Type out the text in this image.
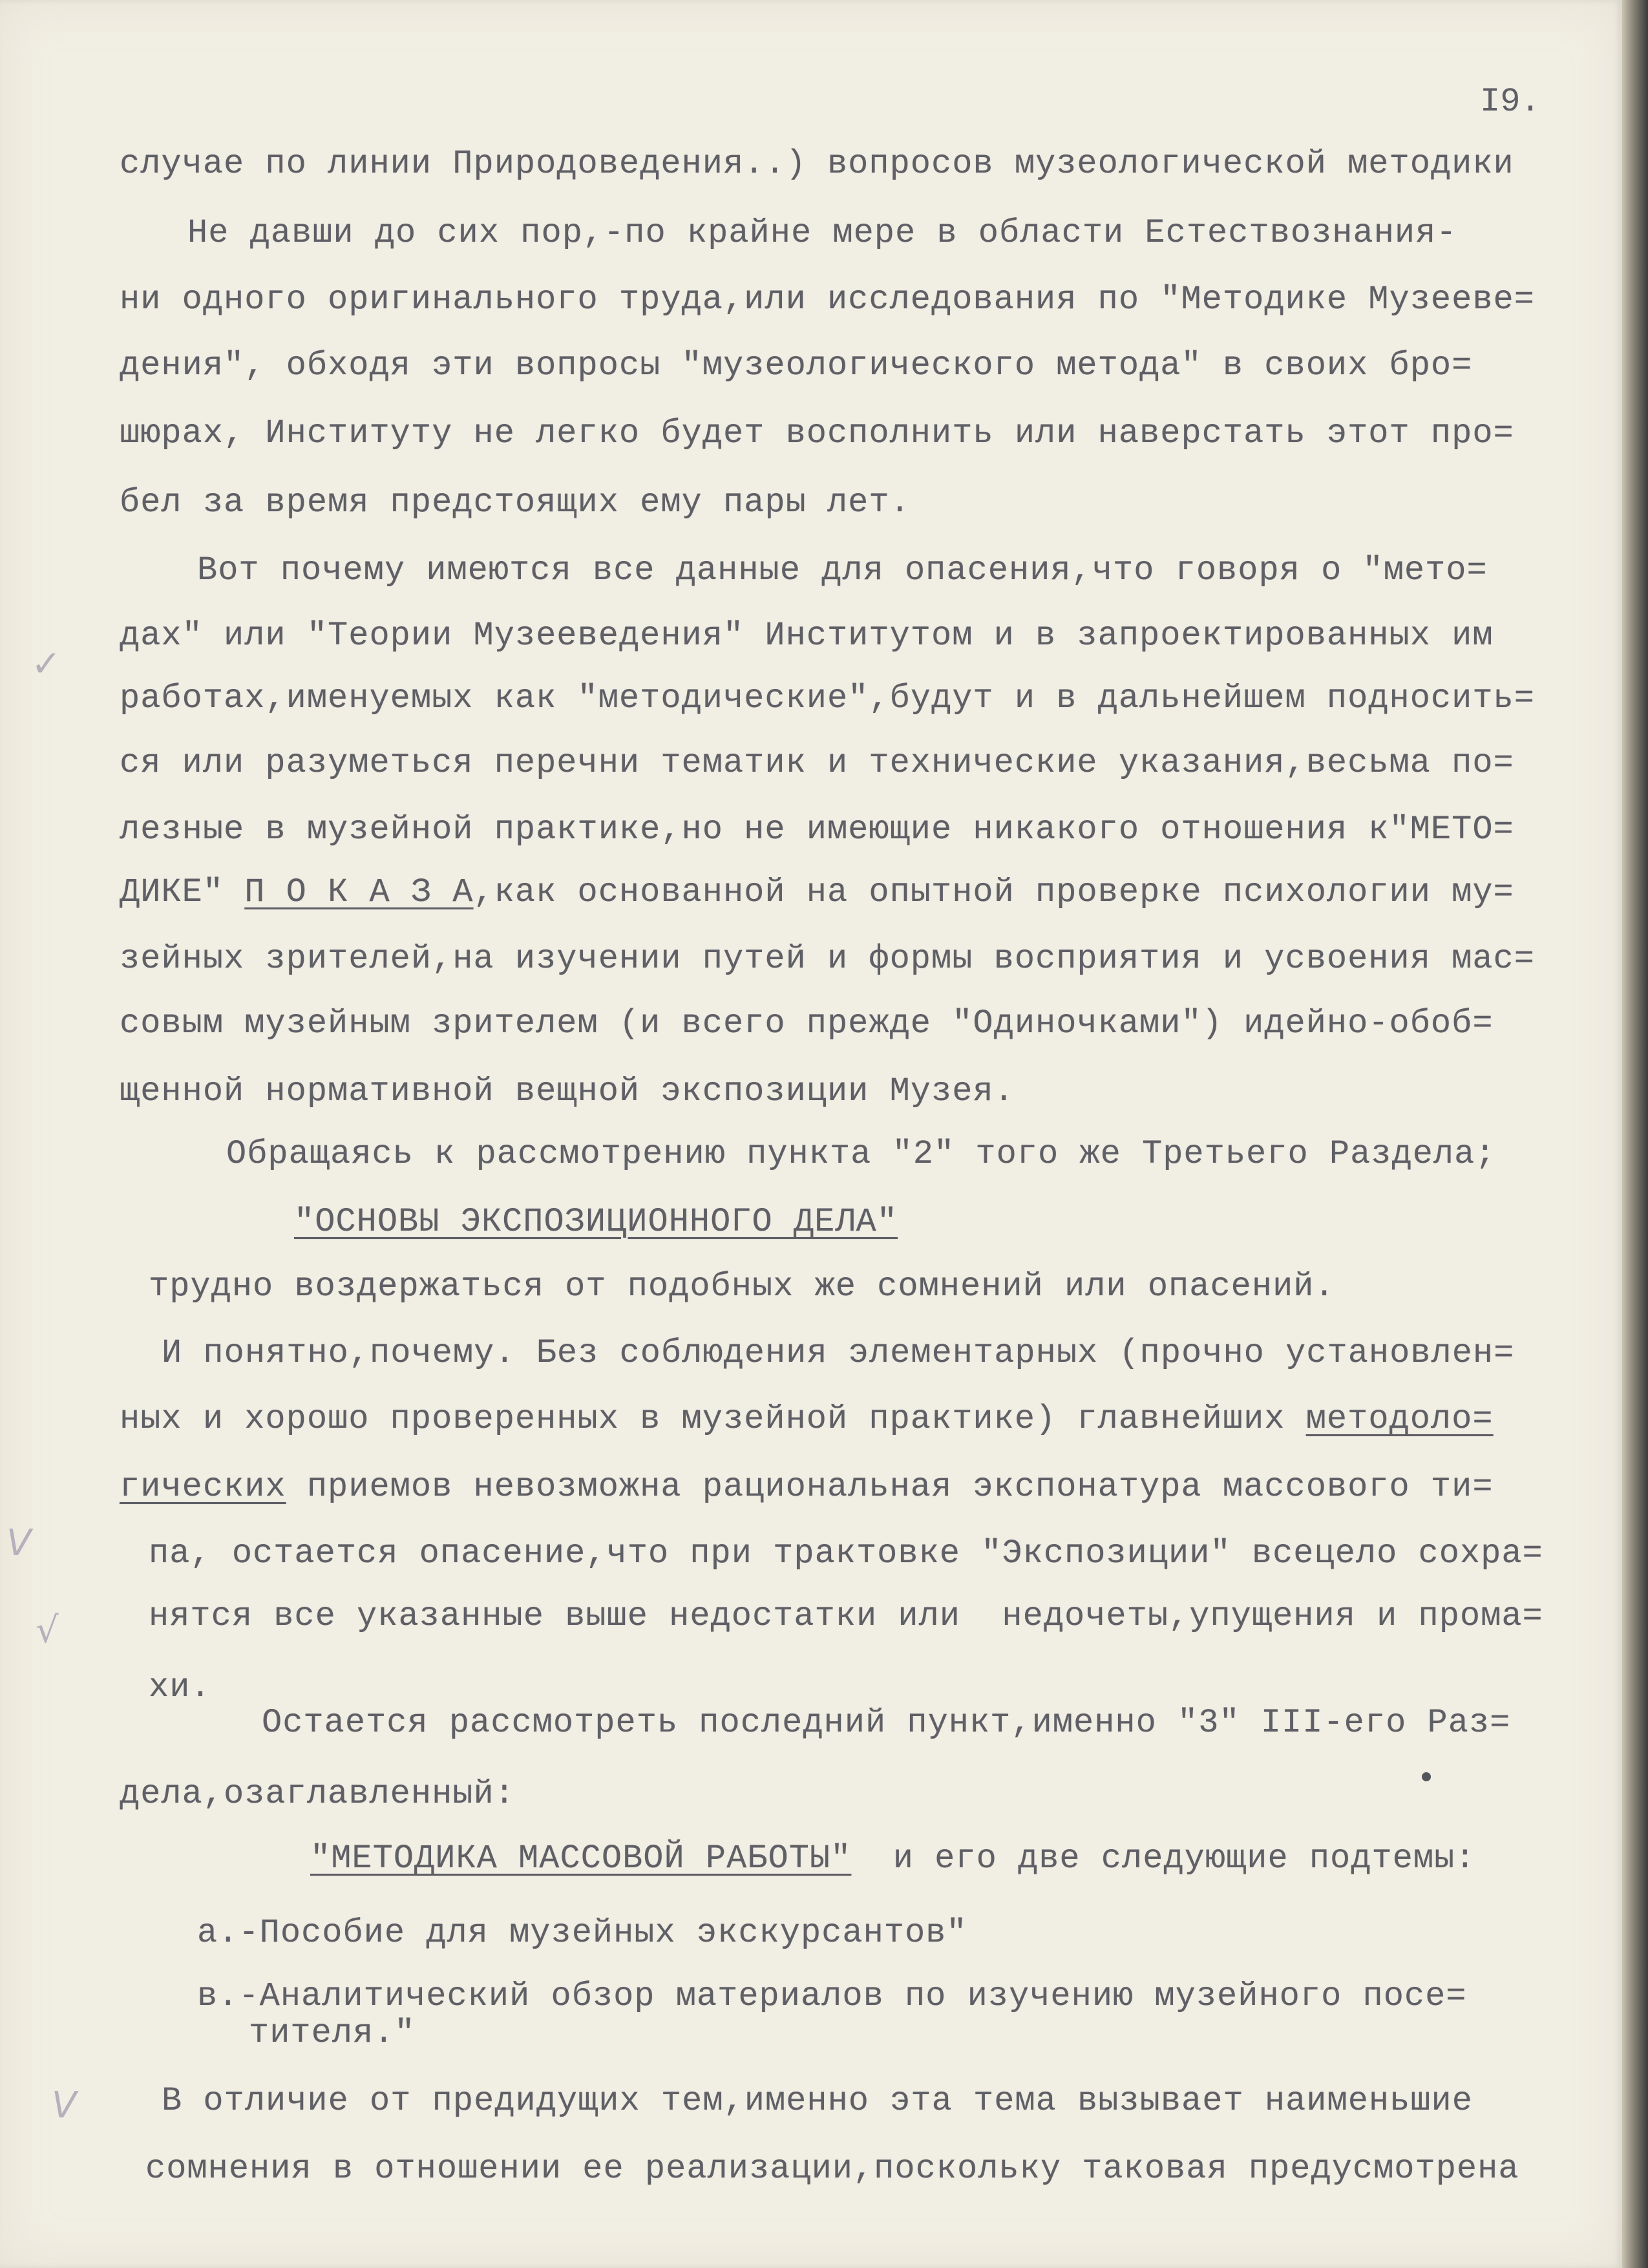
I9.
случае по линии Природоведения..) вопросов музеологической методики
Не давши до сих пор,-по крайне мере в области Естествознания-
ни одного оригинального труда,или исследования по "Методике Музееве=
дения", обходя эти вопросы "музеологического метода" в своих бро=
шюрах, Институту не легко будет восполнить или наверстать этот про=
бел за время предстоящих ему пары лет.
Вот почему имеются все данные для опасения,что говоря о "мето=
дах" или "Теории Музееведения" Институтом и в запроектированных им
работах,именуемых как "методические",будут и в дальнейшем подносить=
ся или разуметься перечни тематик и технические указания,весьма по=
лезные в музейной практике,но не имеющие никакого отношения к"МЕТО=
ДИКЕ" П О К А З А,как основанной на опытной проверке психологии му=
зейных зрителей,на изучении путей и формы восприятия и усвоения мас=
совым музейным зрителем (и всего прежде "Одиночками") идейно-обоб=
щенной нормативной вещной экспозиции Музея.
Обращаясь к рассмотрению пункта "2" того же Третьего Раздела;
"ОСНОВЫ ЭКСПОЗИЦИОННОГО ДЕЛА"
трудно воздержаться от подобных же сомнений или опасений.
И понятно,почему. Без соблюдения элементарных (прочно установлен=
ных и хорошо проверенных в музейной практике) главнейших методоло=
гических приемов невозможна рациональная экспонатура массового ти=
па, остается опасение,что при трактовке "Экспозиции" всецело сохра=
нятся все указанные выше недостатки или  недочеты,упущения и прома=
хи.
Остается рассмотреть последний пункт,именно "3" III-его Раз=
дела,озаглавленный:
"МЕТОДИКА МАССОВОЙ РАБОТЫ"  и его две следующие подтемы:
а.-Пособие для музейных экскурсантов"
в.-Аналитический обзор материалов по изучению музейного посе=
тителя."
В отличие от предидущих тем,именно эта тема вызывает наименьшие
сомнения в отношении ее реализации,поскольку таковая предусмотрена
✓
V
√
V
